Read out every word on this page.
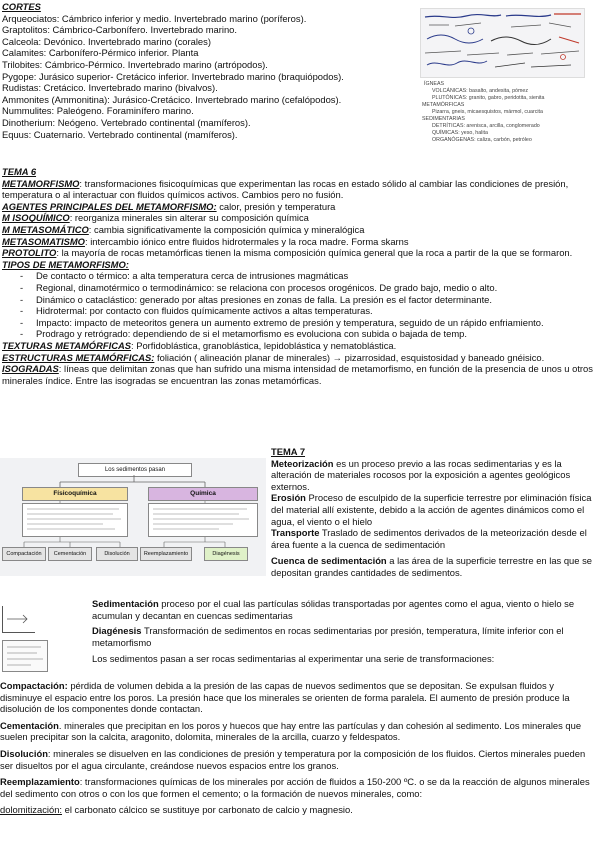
CORTES
Arqueociatos: Cámbrico inferior y medio. Invertebrado marino (poríferos).
Graptolitos: Cámbrico-Carbonífero. Invertebrado marino.
Calceola: Devónico. Invertebrado marino (corales)
Calamites: Carbonífero-Pérmico inferior. Planta
Trilobites: Cámbrico-Pérmico. Invertebrado marino (artrópodos).
Pygope: Jurásico superior- Cretácico inferior. Invertebrado marino (braquiópodos).
Rudistas: Cretácico. Invertebrado marino (bivalvos).
Ammonites (Ammonitina): Jurásico-Cretácico. Invertebrado marino (cefalópodos).
Nummulites: Paleógeno. Foraminífero marino.
Dinotherium: Neógeno. Vertebrado continental (mamíferos).
Equus: Cuaternario. Vertebrado continental (mamíferos).
ÍGNEAS
VOLCÁNICAS: basalto, andesita, pómez
PLUTÓNICAS: granito, gabro, peridotita, sienita
METAMÓRFICAS
Pizarra, gneis, micaesquistos, mármol, cuarcita
SEDIMENTARIAS
DETRÍTICAS: arenisca, arcilla, conglomerado
QUÍMICAS: yeso, halita
ORGANÓGENAS: caliza, carbón, petróleo
TEMA 6

METAMORFISMO: transformaciones fisicoquímicas que experimentan las rocas en estado sólido al cambiar las condiciones de presión, temperatura o al interactuar con fluidos químicos activos. Cambios pero no fusión.

AGENTES PRINCIPALES DEL METAMORFISMO: calor, presión y temperatura

M ISOQUÍMICO: reorganiza minerales sin alterar su composición química

M METASOMÁTICO: cambia significativamente la composición química y mineralógica

METASOMATISMO: intercambio iónico entre fluidos hidrotermales y la roca madre. Forma skarns

PROTOLITO: la mayoría de rocas metamórficas tienen la misma composición química general que la roca a partir de la que se formaron.

TIPOS DE METAMORFISMO:

- De contacto o térmico: a alta temperatura cerca de intrusiones magmáticas
- Regional, dinamotérmico o termodinámico: se relaciona con procesos orogénicos. De grado bajo, medio o alto.
- Dinámico o cataclástico: generado por altas presiones en zonas de falla. La presión es el factor determinante.
- Hidrotermal: por contacto con fluidos químicamente activos a altas temperaturas.
- Impacto: impacto de meteoritos genera un aumento extremo de presión y temperatura, seguido de un rápido enfriamiento.
- Prodrago y retrógrado: dependiendo de si el metamorfismo es evoluciona con subida o bajada de temp.

TEXTURAS METAMÓRFICAS: Porfidoblástica, granoblástica, lepidoblástica y nematoblástica.

ESTRUCTURAS METAMÓRFICAS: foliación ( alineación planar de minerales) → pizarrosidad, esquistosidad y baneado gnéisico.

ISOGRADAS: líneas que delimitan zonas que han sufrido una misma intensidad de metamorfismo, en función de la presencia de unos u otros minerales índice. Entre las isogradas se encuentran las zonas metamórficas.

Los sedimentos pasan
Físicoquímica	Química
Compactación	Cementación	Disolución	Reemplazamiento	Diagénesis
TEMA 7

Meteorización es un proceso previo a las rocas sedimentarias y es la alteración de materiales rocosos por la exposición a agentes geológicos externos.

Erosión Proceso de esculpido de la superficie terrestre por eliminación física del material allí existente, debido a la acción de agentes dinámicos como el agua, el viento o el hielo

Transporte Traslado de sedimentos derivados de la meteorización desde el área fuente a la cuenca de sedimentación

Cuenca de sedimentación a las área de la superficie terrestre en las que se depositan grandes cantidades de sedimentos.

Sedimentación proceso por el cual las partículas sólidas transportadas por agentes como el agua, viento o hielo se acumulan y decantan en cuencas sedimentarias

Diagénesis Transformación de sedimentos en rocas sedimentarias por presión, temperatura, límite inferior con el metamorfismo

Los sedimentos pasan a ser rocas sedimentarias al experimentar una serie de transformaciones:

Compactación: pérdida de volumen debida a la presión de las capas de nuevos sedimentos que se depositan. Se expulsan fluidos y disminuye el espacio entre los poros. La presión hace que los minerales se orienten de forma paralela. El aumento de presión produce la disolución de los componentes donde contactan.

Cementación. minerales que precipitan en los poros y huecos que hay entre las partículas y dan cohesión al sedimento. Los minerales que suelen precipitar son la calcita, aragonito, dolomita, minerales de la arcilla, cuarzo y feldespatos.

Disolución: minerales se disuelven en las condiciones de presión y temperatura por la composición de los fluidos. Ciertos minerales pueden ser disueltos por el agua circulante, creándose nuevos espacios entre los granos.

Reemplazamiento: transformaciones químicas de los minerales por acción de fluidos a 150-200 ºC. o se da la reacción de algunos minerales del sedimento con otros o con los que formen el cemento; o la formación de nuevos minerales, como:

dolomitización: el carbonato cálcico se sustituye por carbonato de calcio y magnesio.
